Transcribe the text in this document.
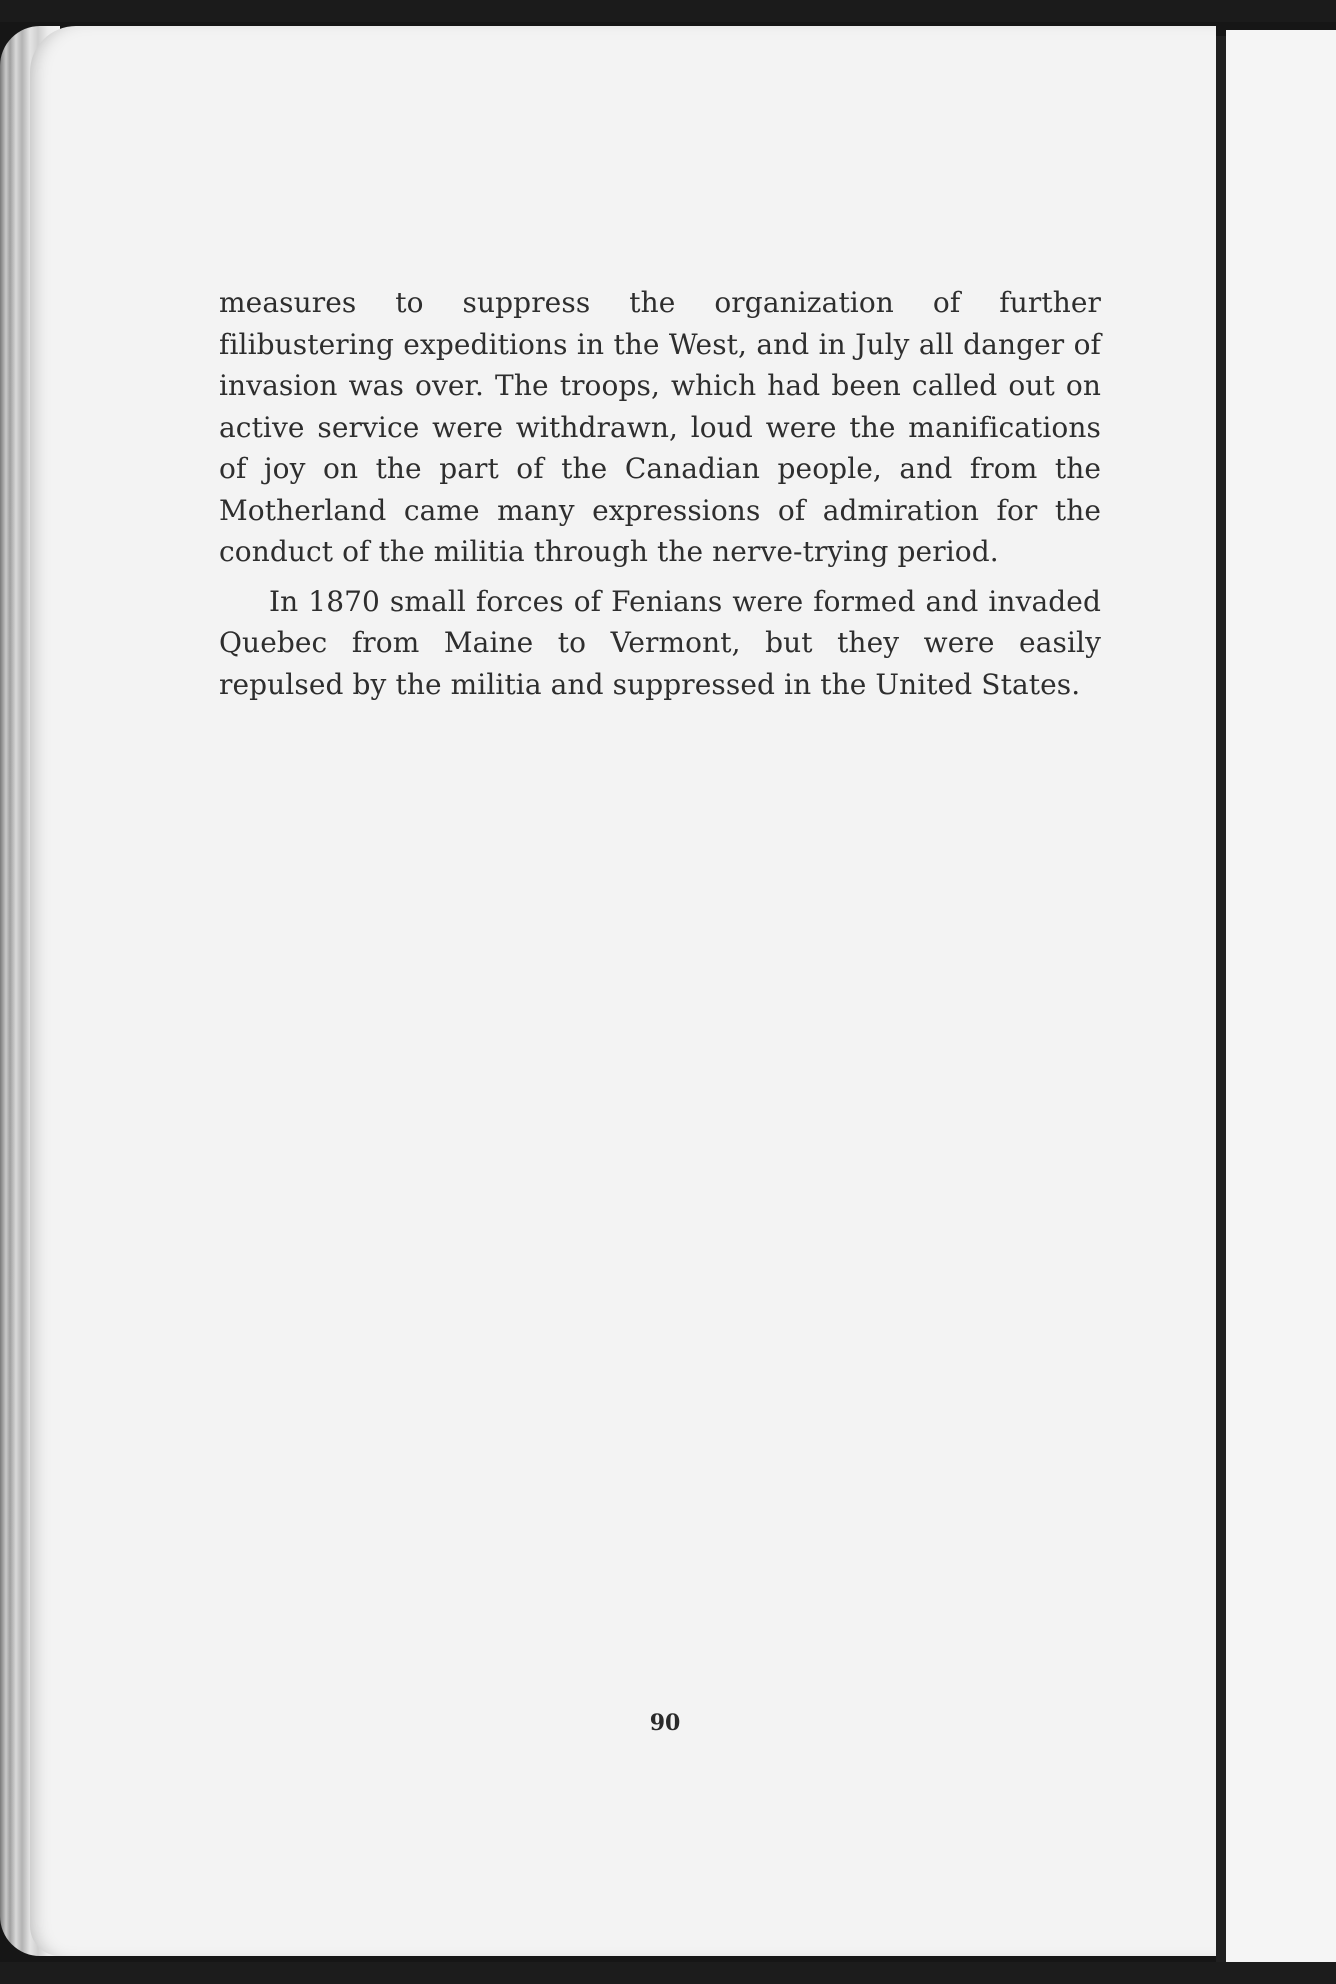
measures to suppress the organization of further filibustering expeditions in the West, and in July all danger of invasion was over. The troops, which had been called out on active service were withdrawn, loud were the manifications of joy on the part of the Canadian people, and from the Motherland came many expressions of admiration for the conduct of the militia through the nerve-trying period.

In 1870 small forces of Fenians were formed and invaded Quebec from Maine to Vermont, but they were easily repulsed by the militia and suppressed in the United States.

90
